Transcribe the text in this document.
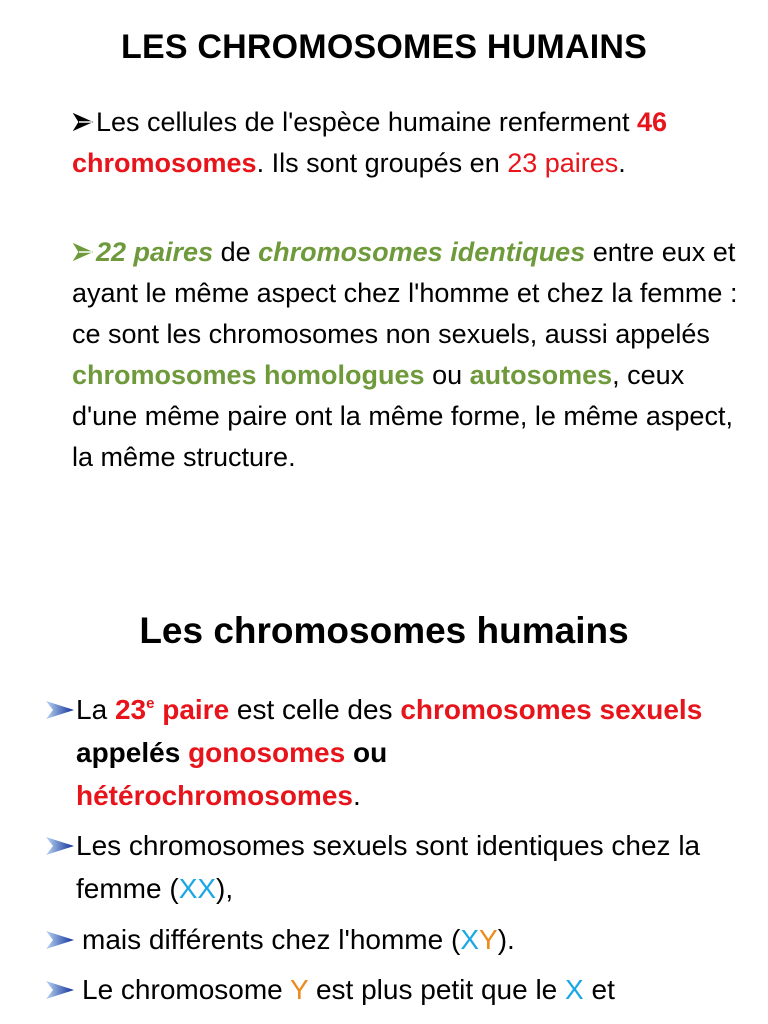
LES CHROMOSOMES HUMAINS

Les cellules de l'espèce humaine renferment 46 chromosomes. Ils sont groupés en 23 paires.

22 paires de chromosomes identiques entre eux et ayant le même aspect chez l'homme et chez la femme : ce sont les chromosomes non sexuels, aussi appelés chromosomes homologues ou autosomes, ceux d'une même paire ont la même forme, le même aspect, la même structure.

Les chromosomes humains

La 23e paire est celle des chromosomes sexuels appelés gonosomes ou
hétérochromosomes.

Les chromosomes sexuels sont identiques chez la femme (XX),

mais différents chez l'homme (XY).

Le chromosome Y est plus petit que le X et
